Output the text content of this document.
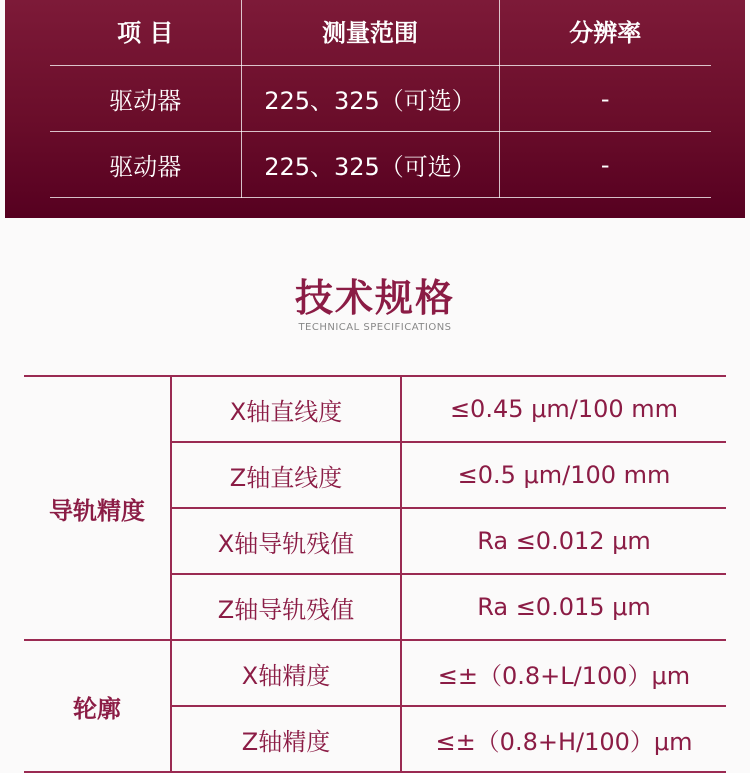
项 目	测量范围	分辨率
驱动器	225、325（可选）	-
驱动器	225、325（可选）	-
技术规格
TECHNICAL SPECIFICATIONS
导轨精度	X轴直线度	≤0.45 μm/100 mm
	Z轴直线度	≤0.5 μm/100 mm
	X轴导轨残值	Ra ≤0.012 μm
	Z轴导轨残值	Ra ≤0.015 μm
轮廓	X轴精度	≤±（0.8+L/100）μm
	Z轴精度	≤±（0.8+H/100）μm
